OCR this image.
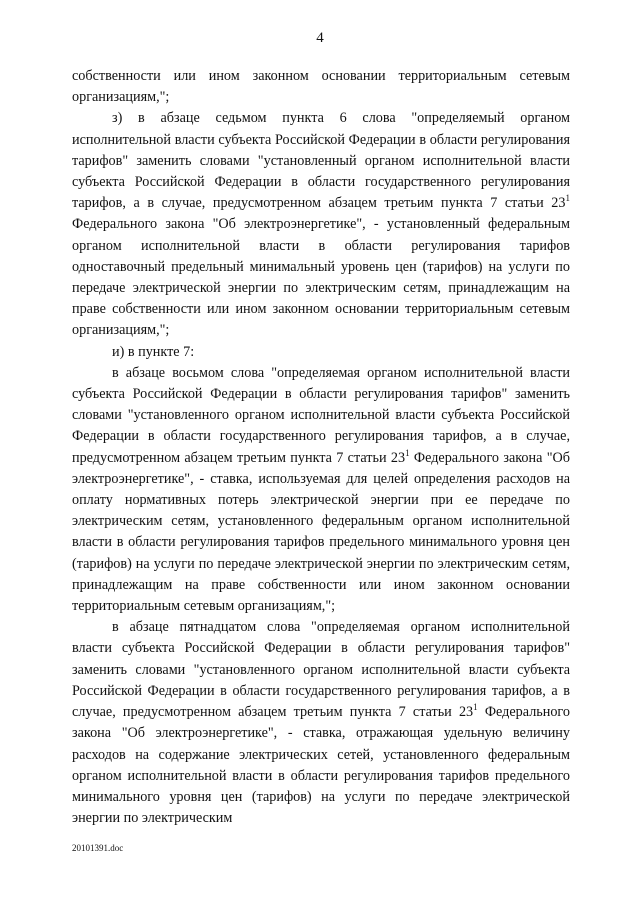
4

собственности или ином законном основании территориальным сетевым организациям,";

з) в абзаце седьмом пункта 6 слова "определяемый органом исполнительной власти субъекта Российской Федерации в области регулирования тарифов" заменить словами "установленный органом исполнительной власти субъекта Российской Федерации в области государственного регулирования тарифов, а в случае, предусмотренном абзацем третьим пункта 7 статьи $23^1$ Федерального закона "Об электроэнергетике", - установленный федеральным органом исполнительной власти в области регулирования тарифов одноставочный предельный минимальный уровень цен (тарифов) на услуги по передаче электрической энергии по электрическим сетям, принадлежащим на праве собственности или ином законном основании территориальным сетевым организациям,";

и) в пункте 7:

в абзаце восьмом слова "определяемая органом исполнительной власти субъекта Российской Федерации в области регулирования тарифов" заменить словами "установленного органом исполнительной власти субъекта Российской Федерации в области государственного регулирования тарифов, а в случае, предусмотренном абзацем третьим пункта 7 статьи $23^1$ Федерального закона "Об электроэнергетике", - ставка, используемая для целей определения расходов на оплату нормативных потерь электрической энергии при ее передаче по электрическим сетям, установленного федеральным органом исполнительной власти в области регулирования тарифов предельного минимального уровня цен (тарифов) на услуги по передаче электрической энергии по электрическим сетям, принадлежащим на праве собственности или ином законном основании территориальным сетевым организациям,";

в абзаце пятнадцатом слова "определяемая органом исполнительной власти субъекта Российской Федерации в области регулирования тарифов" заменить словами "установленного органом исполнительной власти субъекта Российской Федерации в области государственного регулирования тарифов, а в случае, предусмотренном абзацем третьим пункта 7 статьи $23^1$ Федерального закона "Об электроэнергетике", - ставка, отражающая удельную величину расходов на содержание электрических сетей, установленного федеральным органом исполнительной власти в области регулирования тарифов предельного минимального уровня цен (тарифов) на услуги по передаче электрической энергии по электрическим

20101391.doc
